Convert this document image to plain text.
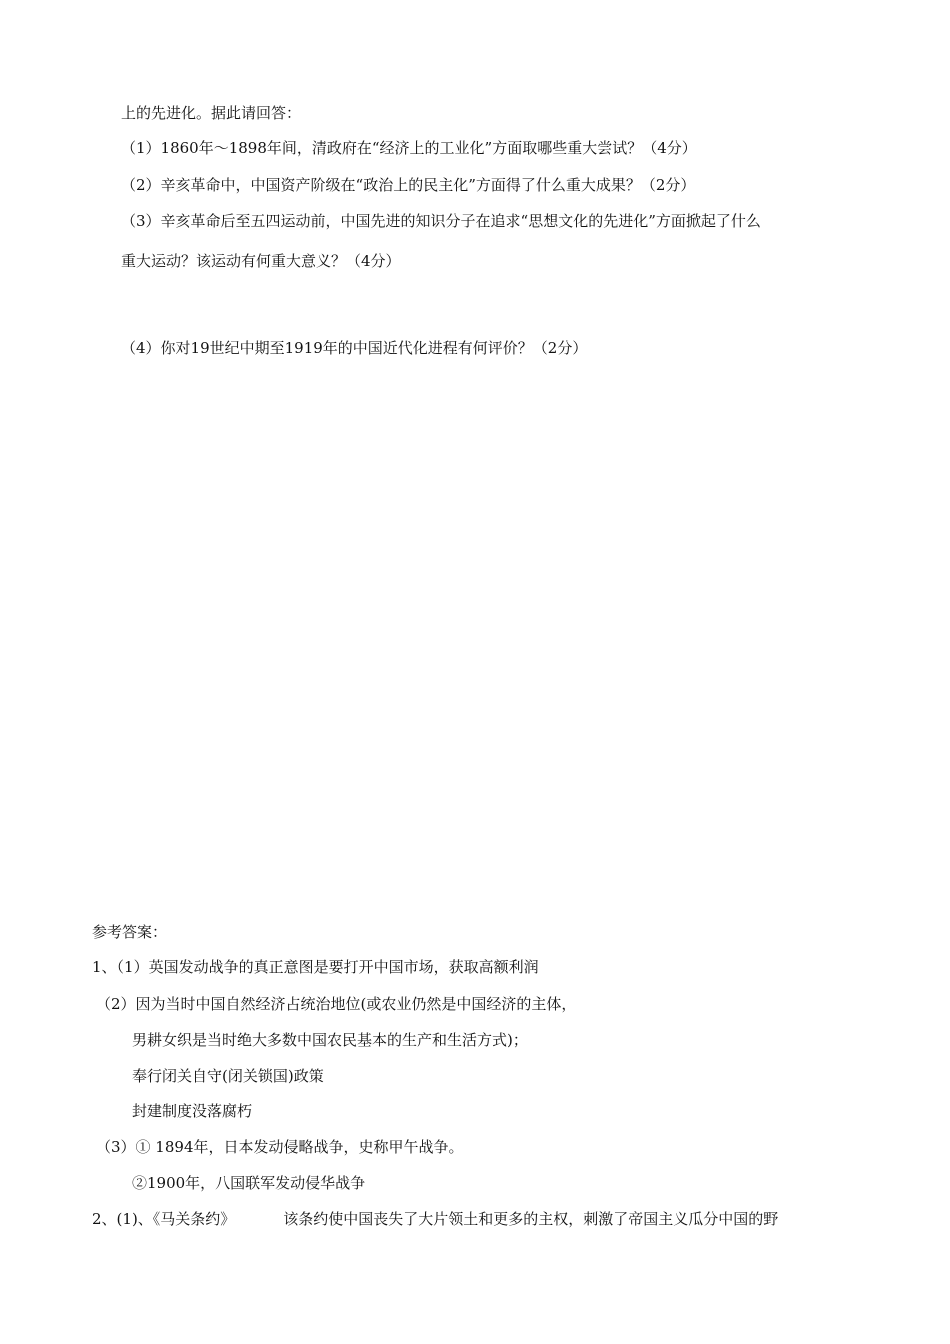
上的先进化。据此请回答：
（1）1860年～1898年间，清政府在“经济上的工业化”方面取哪些重大尝试？（4分）
（2）辛亥革命中，中国资产阶级在“政治上的民主化”方面得了什么重大成果？（2分）
（3）辛亥革命后至五四运动前，中国先进的知识分子在追求“思想文化的先进化”方面掀起了什么
重大运动？该运动有何重大意义？（4分）
（4）你对19世纪中期至1919年的中国近代化进程有何评价？（2分）
参考答案：
1、（1）英国发动战争的真正意图是要打开中国市场，获取高额利润
（2）因为当时中国自然经济占统治地位(或农业仍然是中国经济的主体，
男耕女织是当时绝大多数中国农民基本的生产和生活方式)；
奉行闭关自守(闭关锁国)政策
封建制度没落腐朽
（3）① 1894年，日本发动侵略战争，史称甲午战争。
②1900年，八国联军发动侵华战争
2、(1)、《马关条约》	该条约使中国丧失了大片领土和更多的主权，刺激了帝国主义瓜分中国的野
